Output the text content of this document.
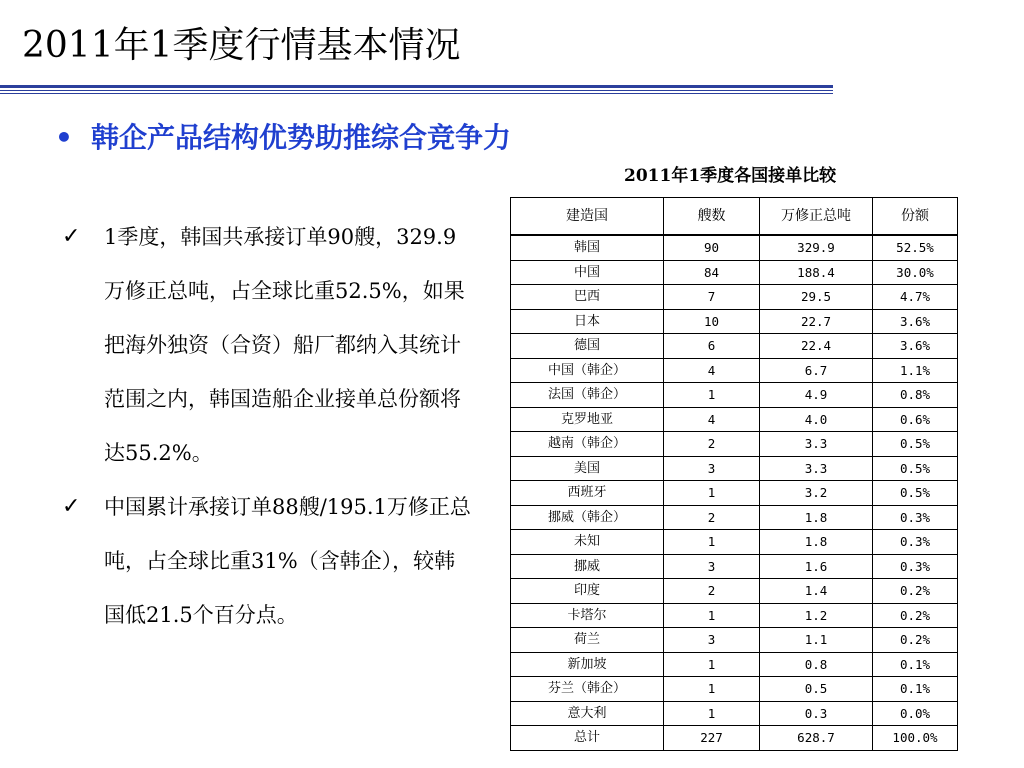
2011年1季度行情基本情况
• 韩企产品结构优势助推综合竞争力
2011年1季度各国接单比较
✓	1季度，韩国共承接订单90艘，329.9万修正总吨，占全球比重52.5%，如果把海外独资（合资）船厂都纳入其统计范围之内，韩国造船企业接单总份额将达55.2%。
✓	中国累计承接订单88艘/195.1万修正总吨，占全球比重31%（含韩企），较韩国低21.5个百分点。
建造国	艘数	万修正总吨	份额
韩国	90	329.9	52.5%
中国	84	188.4	30.0%
巴西	7	29.5	4.7%
日本	10	22.7	3.6%
德国	6	22.4	3.6%
中国（韩企）	4	6.7	1.1%
法国（韩企）	1	4.9	0.8%
克罗地亚	4	4.0	0.6%
越南（韩企）	2	3.3	0.5%
美国	3	3.3	0.5%
西班牙	1	3.2	0.5%
挪威（韩企）	2	1.8	0.3%
未知	1	1.8	0.3%
挪威	3	1.6	0.3%
印度	2	1.4	0.2%
卡塔尔	1	1.2	0.2%
荷兰	3	1.1	0.2%
新加坡	1	0.8	0.1%
芬兰（韩企）	1	0.5	0.1%
意大利	1	0.3	0.0%
总计	227	628.7	100.0%
